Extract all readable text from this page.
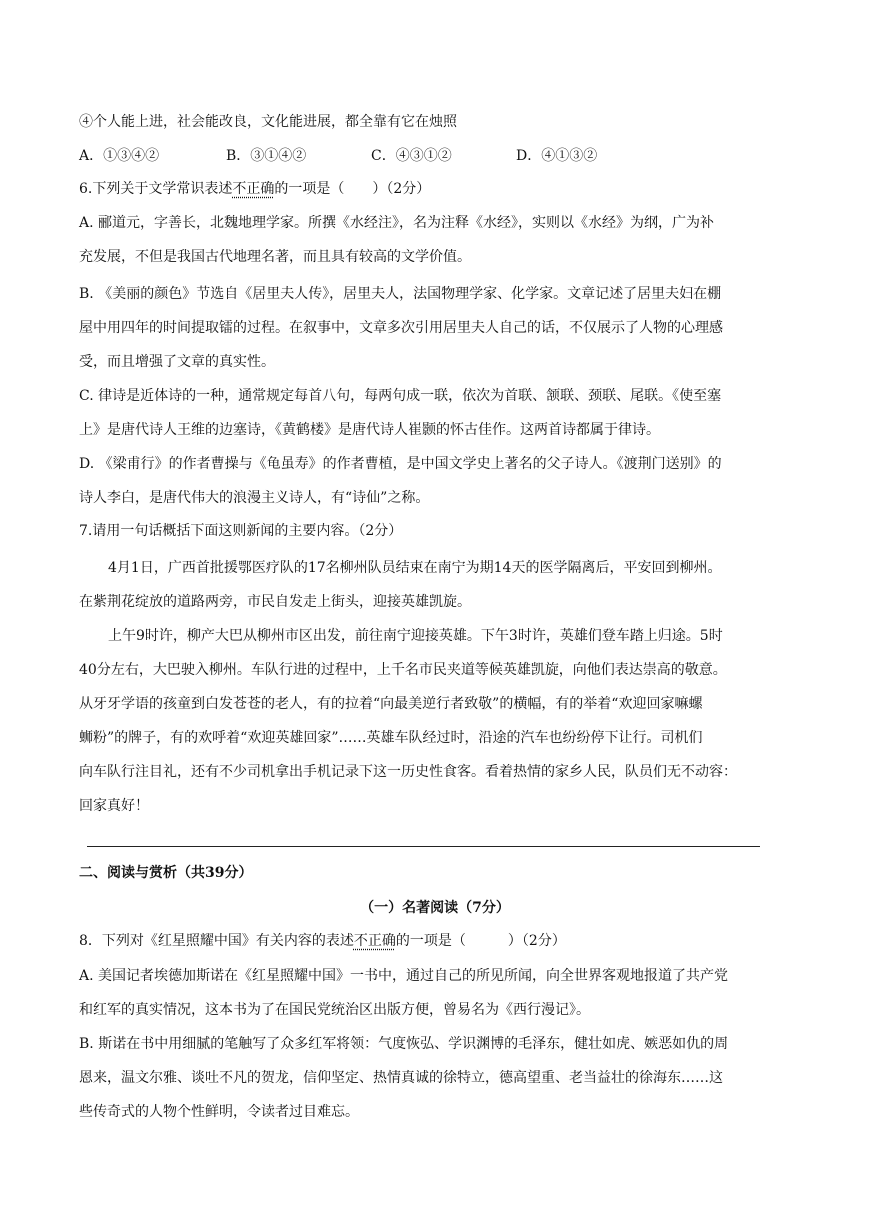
④个人能上进，社会能改良，文化能进展，都全靠有它在烛照
A．①③④②	B．③①④②	C．④③①②	D．④①③②
6.下列关于文学常识表述不正确的一项是（　　）（2分）
A. 郦道元，字善长，北魏地理学家。所撰《水经注》，名为注释《水经》，实则以《水经》为纲，广为补
充发展，不但是我国古代地理名著，而且具有较高的文学价值。
B. 《美丽的颜色》节选自《居里夫人传》，居里夫人，法国物理学家、化学家。文章记述了居里夫妇在棚
屋中用四年的时间提取镭的过程。在叙事中，文章多次引用居里夫人自己的话，不仅展示了人物的心理感
受，而且增强了文章的真实性。
C. 律诗是近体诗的一种，通常规定每首八句，每两句成一联，依次为首联、颔联、颈联、尾联。《使至塞
上》是唐代诗人王维的边塞诗，《黄鹤楼》是唐代诗人崔颢的怀古佳作。这两首诗都属于律诗。
D. 《梁甫行》的作者曹操与《龟虽寿》的作者曹植，是中国文学史上著名的父子诗人。《渡荆门送别》的
诗人李白，是唐代伟大的浪漫主义诗人，有“诗仙”之称。
7.请用一句话概括下面这则新闻的主要内容。（2分）
4月1日，广西首批援鄂医疗队的17名柳州队员结束在南宁为期14天的医学隔离后，平安回到柳州。
在紫荆花绽放的道路两旁，市民自发走上街头，迎接英雄凯旋。
上午9时许，柳产大巴从柳州市区出发，前往南宁迎接英雄。下午3时许，英雄们登车踏上归途。5时
40分左右，大巴驶入柳州。车队行进的过程中，上千名市民夹道等候英雄凯旋，向他们表达崇高的敬意。
从牙牙学语的孩童到白发苍苍的老人，有的拉着“向最美逆行者致敬”的横幅，有的举着“欢迎回家嘛螺
蛳粉”的牌子，有的欢呼着“欢迎英雄回家”……英雄车队经过时，沿途的汽车也纷纷停下让行。司机们
向车队行注目礼，还有不少司机拿出手机记录下这一历史性食客。看着热情的家乡人民，队员们无不动容：
回家真好！
二、阅读与赏析（共39分）
（一）名著阅读（7分）
8．下列对《红星照耀中国》有关内容的表述不正确的一项是（　　　）（2分）
A. 美国记者埃德加斯诺在《红星照耀中国》一书中，通过自己的所见所闻，向全世界客观地报道了共产党
和红军的真实情况，这本书为了在国民党统治区出版方便，曾易名为《西行漫记》。
B. 斯诺在书中用细腻的笔触写了众多红军将领：气度恢弘、学识渊博的毛泽东，健壮如虎、嫉恶如仇的周
恩来，温文尔雅、谈吐不凡的贺龙，信仰坚定、热情真诚的徐特立，德高望重、老当益壮的徐海东……这
些传奇式的人物个性鲜明，令读者过目难忘。
